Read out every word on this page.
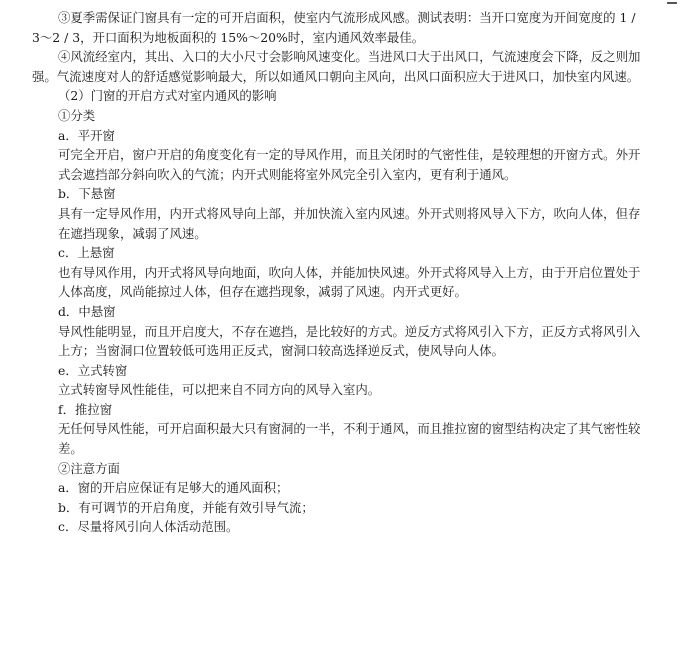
③夏季需保证门窗具有一定的可开启面积，使室内气流形成风感。测试表明：当开口宽度为开间宽度的 1 /
3～2 / 3，开口面积为地板面积的 15%～20%时，室内通风效率最佳。
④风流经室内，其出、入口的大小尺寸会影响风速变化。当进风口大于出风口，气流速度会下降，反之则加
强。气流速度对人的舒适感觉影响最大，所以如通风口朝向主风向，出风口面积应大于进风口，加快室内风速。
（2）门窗的开启方式对室内通风的影响
①分类
a．平开窗
可完全开启，窗户开启的角度变化有一定的导风作用，而且关闭时的气密性佳，是较理想的开窗方式。外开
式会遮挡部分斜向吹入的气流；内开式则能将室外风完全引入室内，更有利于通风。
b．下悬窗
具有一定导风作用，内开式将风导向上部，并加快流入室内风速。外开式则将风导入下方，吹向人体，但存
在遮挡现象，减弱了风速。
c．上悬窗
也有导风作用，内开式将风导向地面，吹向人体，并能加快风速。外开式将风导入上方，由于开启位置处于
人体高度，风尚能掠过人体，但存在遮挡现象，减弱了风速。内开式更好。
d．中悬窗
导风性能明显，而且开启度大，不存在遮挡，是比较好的方式。逆反方式将风引入下方，正反方式将风引入
上方；当窗洞口位置较低可选用正反式，窗洞口较高选择逆反式，使风导向人体。
e．立式转窗
立式转窗导风性能佳，可以把来自不同方向的风导入室内。
f．推拉窗
无任何导风性能，可开启面积最大只有窗洞的一半，不利于通风，而且推拉窗的窗型结构决定了其气密性较
差。
②注意方面
a．窗的开启应保证有足够大的通风面积；
b．有可调节的开启角度，并能有效引导气流；
c．尽量将风引向人体活动范围。
